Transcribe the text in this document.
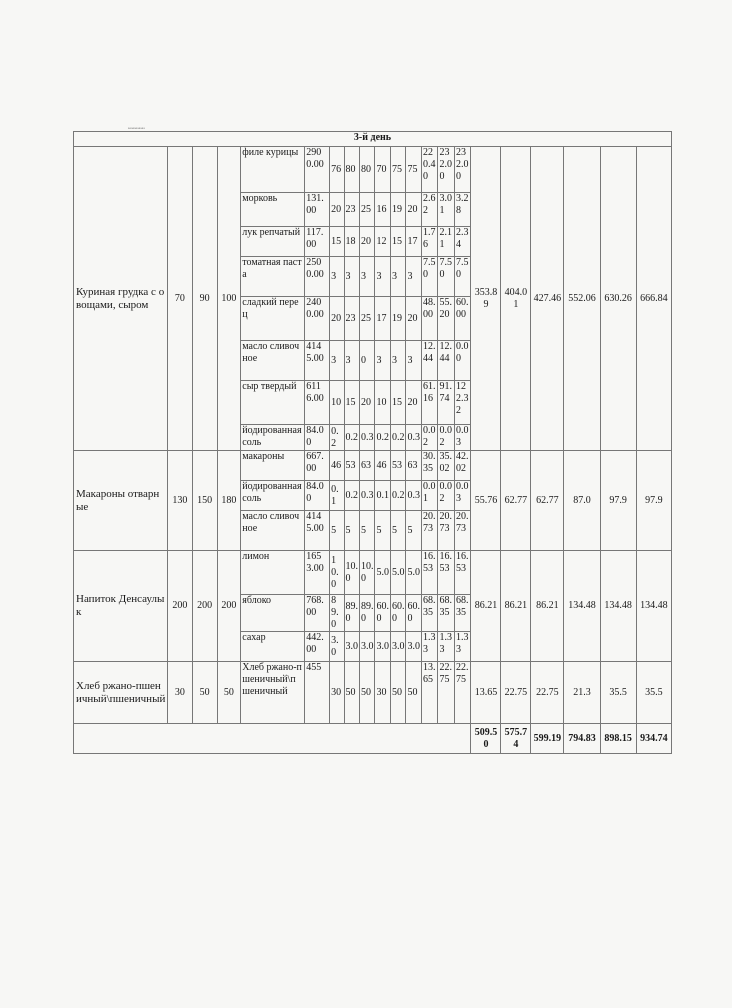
ааааааааааа
3-й день																				
Куриная грудка с овощами, сыром	70	90	100	филе курицы	2900.00	76	80	80	70	75	75	220.40	232.00	232.00	353.89	404.01	427.46	552.06	630.26	666.84
				морковь	131.00	20	23	25	16	19	20	2.62	3.01	3.28						
				лук репчатый	117.00	15	18	20	12	15	17	1.76	2.11	2.34						
				томатная паста	2500.00	3	3	3	3	3	3	7.50	7.50	7.50						
				сладкий перец	2400.00	20	23	25	17	19	20	48.00	55.20	60.00						
				масло сливочное	4145.00	3	3	0	3	3	3	12.44	12.44	0.00						
				сыр твердый	6116.00	10	15	20	10	15	20	61.16	91.74	122.32						
				йодированная соль	84.00	0.2	0.2	0.3	0.2	0.2	0.3	0.02	0.02	0.03						
Макароны отварные	130	150	180	макароны	667.00	46	53	63	46	53	63	30.35	35.02	42.02	55.76	62.77	62.77	87.0	97.9	97.9
				йодированная соль	84.00	0.1	0.2	0.3	0.1	0.2	0.3	0.01	0.02	0.03						
				масло сливочное	4145.00	5	5	5	5	5	5	20.73	20.73	20.73						
Напиток Денсаулык	200	200	200	лимон	1653.00	10.0	10.0	10.0	5.0	5.0	5.0	16.53	16.53	16.53	86.21	86.21	86.21	134.48	134.48	134.48
				яблоко	768.00	89.0	89.0	89.0	60.0	60.0	60.0	68.35	68.35	68.35						
				сахар	442.00	3.0	3.0	3.0	3.0	3.0	3.0	1.33	1.33	1.33						
Хлеб ржано-пшеничный\пшеничный	30	50	50	Хлеб ржано-пшеничный\пшеничный	455	30	50	50	30	50	50	13.65	22.75	22.75	13.65	22.75	22.75	21.3	35.5	35.5
															509.50	575.74	599.19	794.83	898.15	934.74
